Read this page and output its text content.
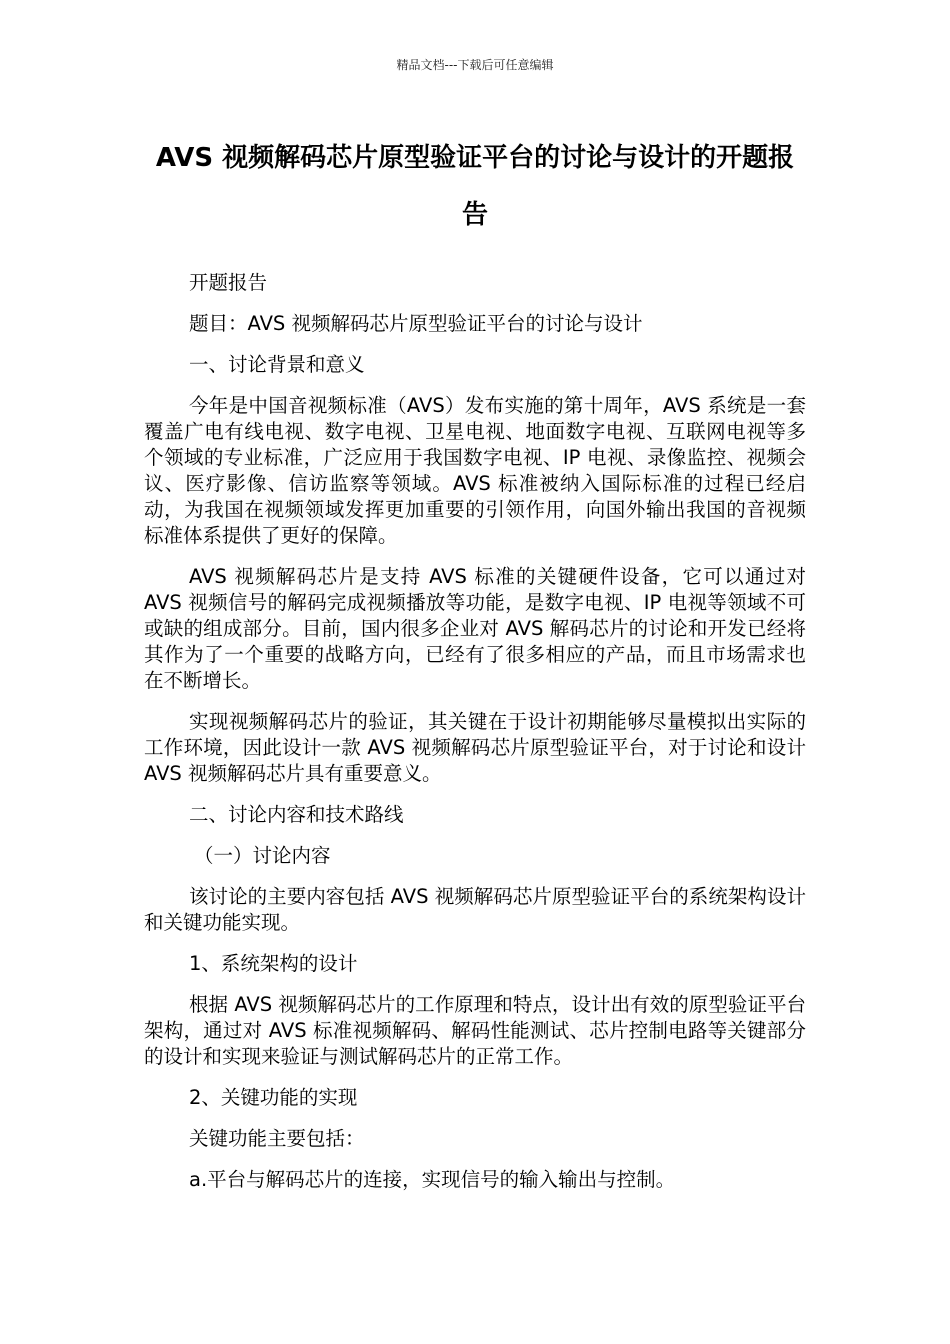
精品文档---下载后可任意编辑
AVS 视频解码芯片原型验证平台的讨论与设计的开题报告

开题报告

题目：AVS 视频解码芯片原型验证平台的讨论与设计

一、讨论背景和意义

今年是中国音视频标准（AVS）发布实施的第十周年，AVS 系统是一套覆盖广电有线电视、数字电视、卫星电视、地面数字电视、互联网电视等多个领域的专业标准，广泛应用于我国数字电视、IP 电视、录像监控、视频会议、医疗影像、信访监察等领域。AVS 标准被纳入国际标准的过程已经启动，为我国在视频领域发挥更加重要的引领作用，向国外输出我国的音视频标准体系提供了更好的保障。

AVS 视频解码芯片是支持 AVS 标准的关键硬件设备，它可以通过对 AVS 视频信号的解码完成视频播放等功能，是数字电视、IP 电视等领域不可或缺的组成部分。目前，国内很多企业对 AVS 解码芯片的讨论和开发已经将其作为了一个重要的战略方向，已经有了很多相应的产品，而且市场需求也在不断增长。

实现视频解码芯片的验证，其关键在于设计初期能够尽量模拟出实际的工作环境，因此设计一款 AVS 视频解码芯片原型验证平台，对于讨论和设计 AVS 视频解码芯片具有重要意义。

二、讨论内容和技术路线

（一）讨论内容

该讨论的主要内容包括 AVS 视频解码芯片原型验证平台的系统架构设计和关键功能实现。

1、系统架构的设计

根据 AVS 视频解码芯片的工作原理和特点，设计出有效的原型验证平台架构，通过对 AVS 标准视频解码、解码性能测试、芯片控制电路等关键部分的设计和实现来验证与测试解码芯片的正常工作。

2、关键功能的实现

关键功能主要包括：

a.平台与解码芯片的连接，实现信号的输入输出与控制。
